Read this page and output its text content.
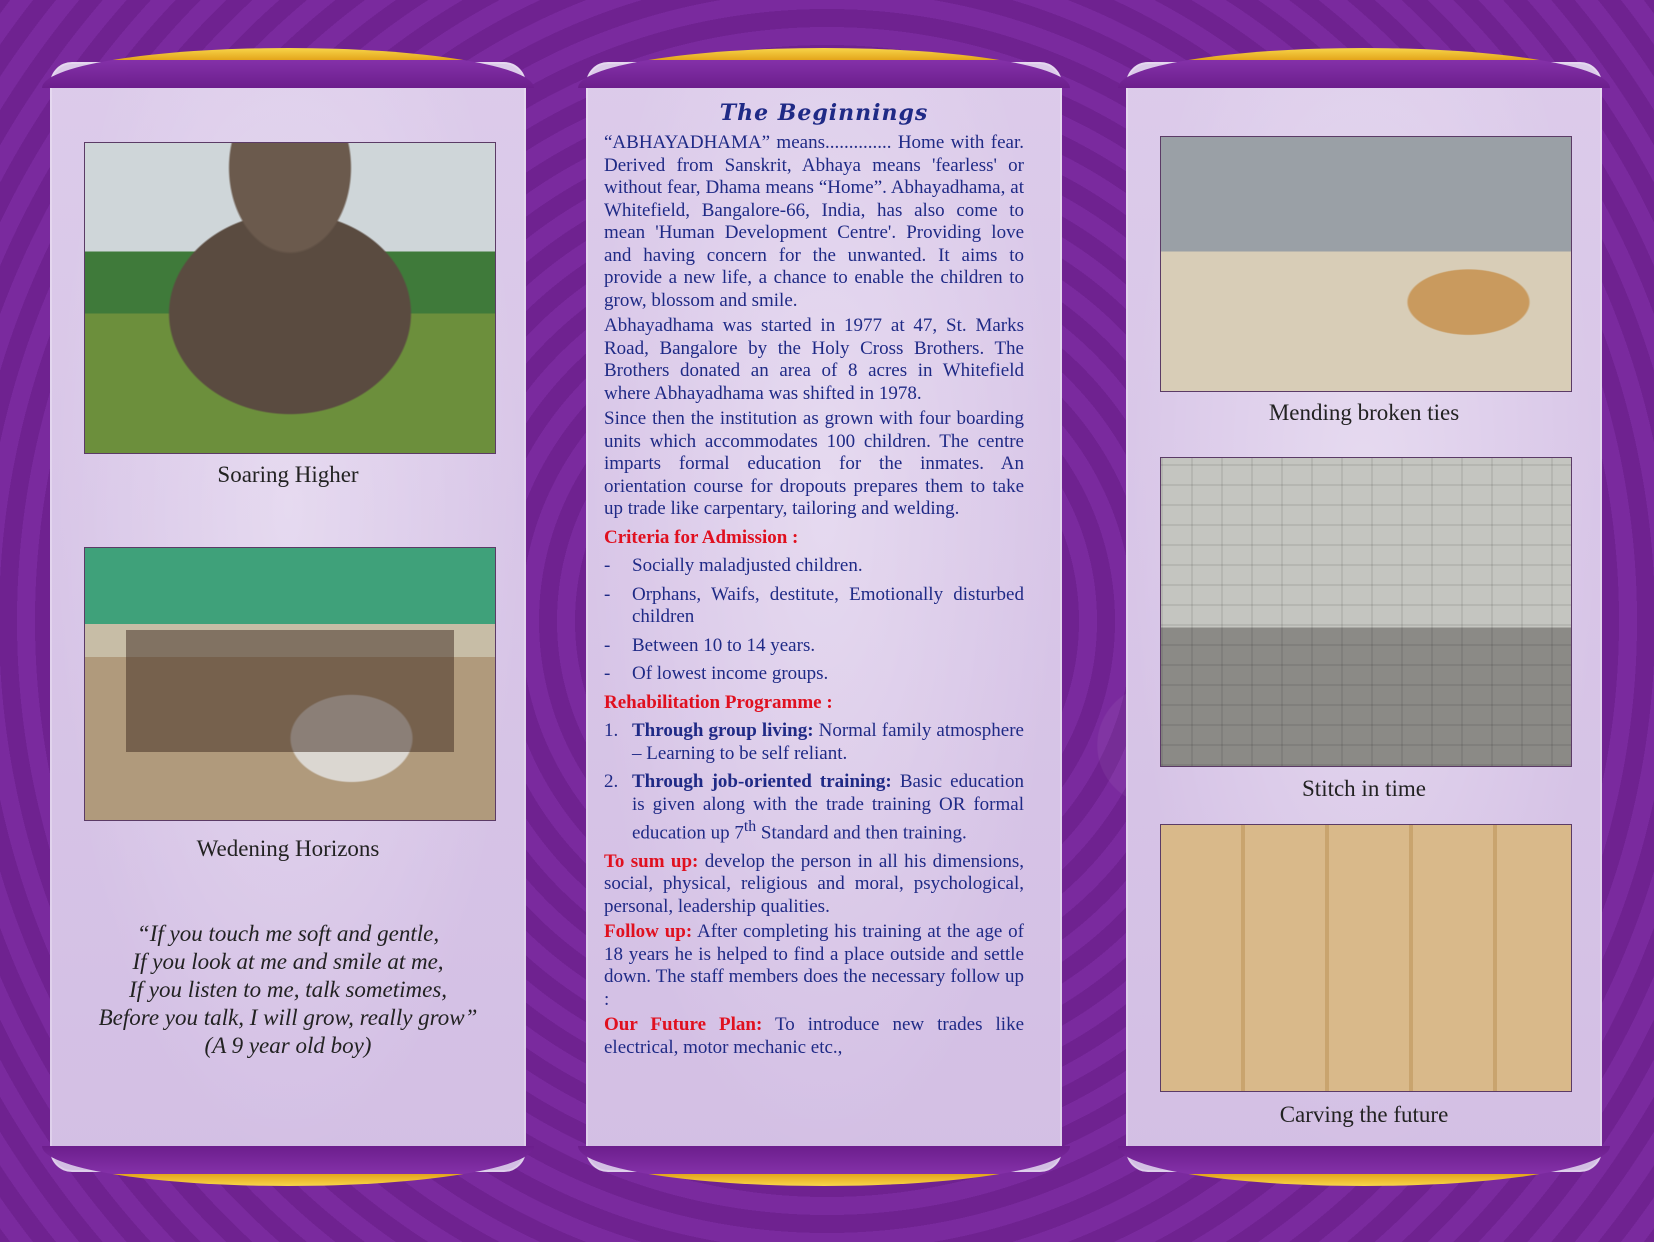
Soaring Higher
Wedening Horizons
“If you touch me soft and gentle,
If you look at me and smile at me,
If you listen to me, talk sometimes,
Before you talk, I will grow, really grow”
(A 9 year old boy)
The Beginnings

“ABHAYADHAMA” means.............. Home with fear. Derived from Sanskrit, Abhaya means 'fearless' or without fear, Dhama means “Home”. Abhayadhama, at Whitefield, Bangalore-66, India, has also come to mean 'Human Development Centre'. Providing love and having concern for the unwanted. It aims to provide a new life, a chance to enable the children to grow, blossom and smile.

Abhayadhama was started in 1977 at 47, St. Marks Road, Bangalore by the Holy Cross Brothers. The Brothers donated an area of 8 acres in Whitefield where Abhayadhama was shifted in 1978.

Since then the institution as grown with four boarding units which accommodates 100 children. The centre imparts formal education for the inmates. An orientation course for dropouts prepares them to take up trade like carpentary, tailoring and welding.

Criteria for Admission :
-	Socially maladjusted children.
-	Orphans, Waifs, destitute, Emotionally disturbed children
-	Between 10 to 14 years.
-	Of lowest income groups.
Rehabilitation Programme :
1. Through group living: Normal family atmosphere – Learning to be self reliant.
2. Through job-oriented training: Basic education is given along with the trade training OR formal education up 7th Standard and then training.

To sum up: develop the person in all his dimensions, social, physical, religious and moral, psychological, personal, leadership qualities.

Follow up: After completing his training at the age of 18 years he is helped to find a place outside and settle down. The staff members does the necessary follow up :

Our Future Plan: To introduce new trades like electrical, motor mechanic etc.,

Mending broken ties
Stitch in time
Carving the future
